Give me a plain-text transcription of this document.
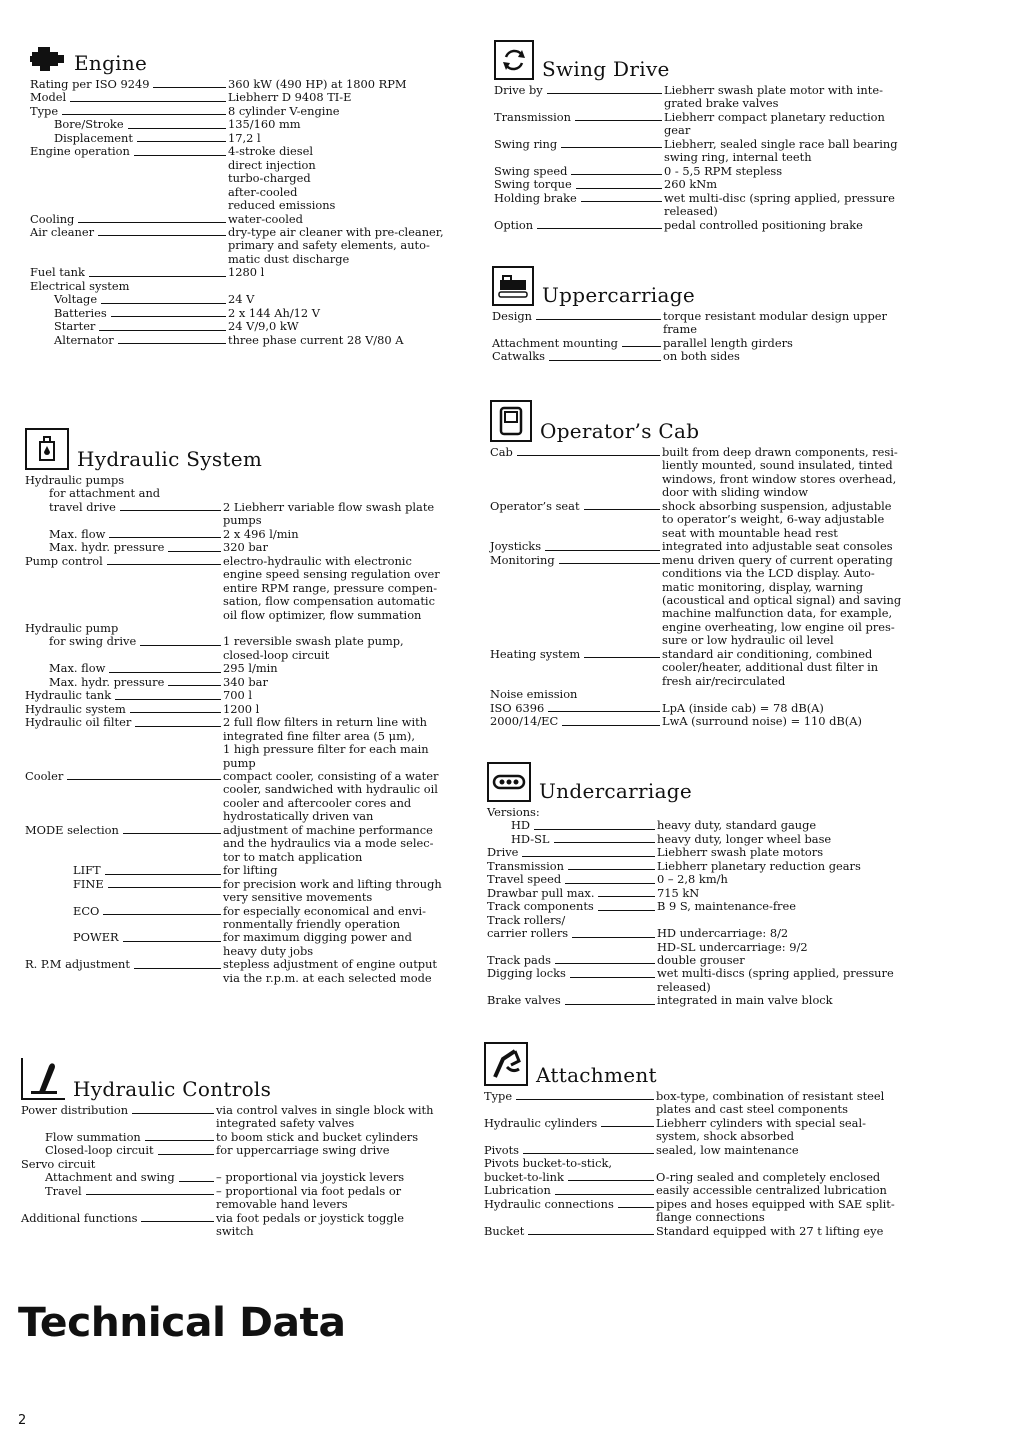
Engine
Rating per ISO 9249	360 kW (490 HP) at 1800 RPM
Model	Liebherr D 9408 TI-E
Type	8 cylinder V-engine
Bore/Stroke	135/160 mm
Displacement	17,2 l
Engine operation	4-stroke diesel
direct injection
turbo-charged
after-cooled
reduced emissions
Cooling	water-cooled
Air cleaner	dry-type air cleaner with pre-cleaner,
primary and safety elements, auto-
matic dust discharge
Fuel tank	1280 l
Electrical system
Voltage	24 V
Batteries	2 x 144 Ah/12 V
Starter	24 V/9,0 kW
Alternator	three phase current 28 V/80 A
Swing Drive
Drive by	Liebherr swash plate motor with inte-
grated brake valves
Transmission	Liebherr compact planetary reduction
gear
Swing ring	Liebherr, sealed single race ball bearing
swing ring, internal teeth
Swing speed	0 - 5,5 RPM stepless
Swing torque	260 kNm
Holding brake	wet multi-disc (spring applied, pressure
released)
Option	pedal controlled positioning brake
Uppercarriage
Design	torque resistant modular design upper
frame
Attachment mounting	parallel length girders
Catwalks	on both sides
Hydraulic System
Hydraulic pumps
for attachment and
travel drive	2 Liebherr variable flow swash plate
pumps
Max. flow	2 x 496 l/min
Max. hydr. pressure	320 bar
Pump control	electro-hydraulic with electronic
engine speed sensing regulation over
entire RPM range, pressure compen-
sation, flow compensation automatic
oil flow optimizer, flow summation
Hydraulic pump
for swing drive	1 reversible swash plate pump,
closed-loop circuit
Max. flow	295 l/min
Max. hydr. pressure	340 bar
Hydraulic tank	700 l
Hydraulic system	1200 l
Hydraulic oil filter	2 full flow filters in return line with
integrated fine filter area (5 μm),
1 high pressure filter for each main
pump
Cooler	compact cooler, consisting of a water
cooler, sandwiched with hydraulic oil
cooler and aftercooler cores and
hydrostatically driven van
MODE selection	adjustment of machine performance
and the hydraulics via a mode selec-
tor to match application
LIFT	for lifting
FINE	for precision work and lifting through
very sensitive movements
ECO	for especially economical and envi-
ronmentally friendly operation
POWER	for maximum digging power and
heavy duty jobs
R. P.M adjustment	stepless adjustment of engine output
via the r.p.m. at each selected mode
Operator’s Cab
Cab	built from deep drawn components, resi-
liently mounted, sound insulated, tinted
windows, front window stores overhead,
door with sliding window
Operator’s seat	shock absorbing suspension, adjustable
to operator’s weight, 6-way adjustable
seat with mountable head rest
Joysticks	integrated into adjustable seat consoles
Monitoring	menu driven query of current operating
conditions via the LCD display. Auto-
matic monitoring, display, warning
(acoustical and optical signal) and saving
machine malfunction data, for example,
engine overheating, low engine oil pres-
sure or low hydraulic oil level
Heating system	standard air conditioning, combined
cooler/heater, additional dust filter in
fresh air/recirculated
Noise emission
ISO 6396	LpA (inside cab) = 78 dB(A)
2000/14/EC	LwA (surround noise) = 110 dB(A)
Undercarriage
Versions:
HD	heavy duty, standard gauge
HD-SL	heavy duty, longer wheel base
Drive	Liebherr swash plate motors
Transmission	Liebherr planetary reduction gears
Travel speed	0 – 2,8 km/h
Drawbar pull max.	715 kN
Track components	B 9 S, maintenance-free
Track rollers/
carrier rollers	HD undercarriage: 8/2
HD-SL undercarriage: 9/2
Track pads	double grouser
Digging locks	wet multi-discs (spring applied, pressure
released)
Brake valves	integrated in main valve block
Hydraulic Controls
Power distribution	via control valves in single block with
integrated safety valves
Flow summation	to boom stick and bucket cylinders
Closed-loop circuit	for uppercarriage swing drive
Servo circuit
Attachment and swing	– proportional via joystick levers
Travel	– proportional via foot pedals or
removable hand levers
Additional functions	via foot pedals or joystick toggle
switch
Attachment
Type	box-type, combination of resistant steel
plates and cast steel components
Hydraulic cylinders	Liebherr cylinders with special seal-
system, shock absorbed
Pivots	sealed, low maintenance
Pivots bucket-to-stick,
bucket-to-link	O-ring sealed and completely enclosed
Lubrication	easily accessible centralized lubrication
Hydraulic connections	pipes and hoses equipped with SAE split-
flange connections
Bucket	Standard equipped with 27 t lifting eye
Technical Data
2
